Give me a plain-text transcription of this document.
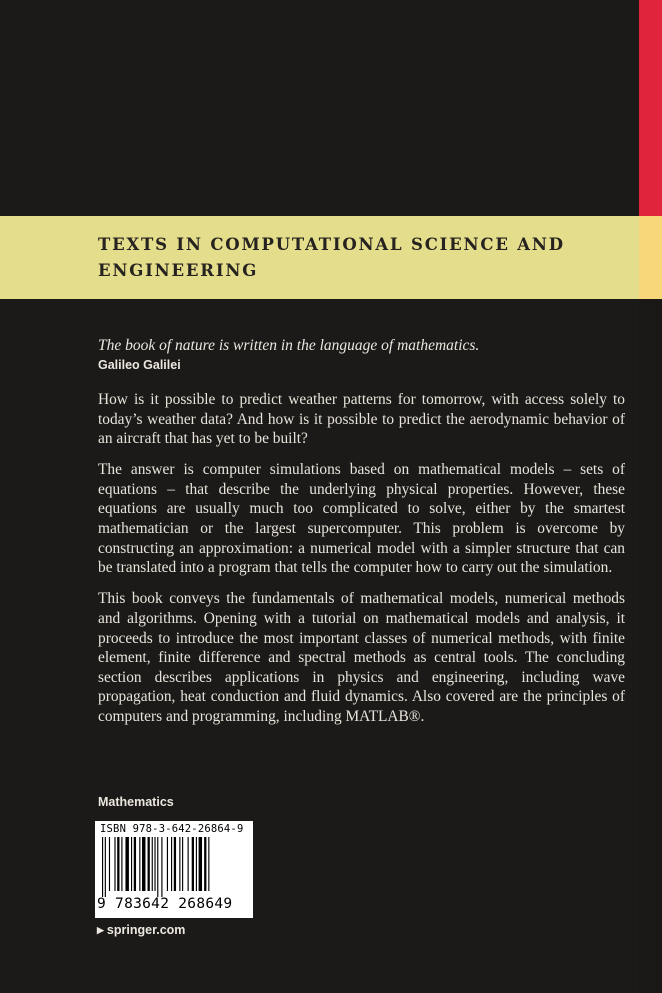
TEXTS IN COMPUTATIONAL SCIENCE AND ENGINEERING
The book of nature is written in the language of mathematics.
Galileo Galilei

How is it possible to predict weather patterns for tomorrow, with access solely to today’s weather data? And how is it possible to predict the aerodynamic behavior of an aircraft that has yet to be built?

The answer is computer simulations based on mathematical models – sets of equations – that describe the underlying physical properties. However, these equations are usually much too complicated to solve, either by the smartest mathematician or the largest supercomputer. This problem is overcome by constructing an approximation: a numerical model with a simpler structure that can be translated into a program that tells the computer how to carry out the simulation.

This book conveys the fundamentals of mathematical models, numerical methods and algorithms. Opening with a tutorial on mathematical models and analysis, it proceeds to introduce the most important classes of numerical methods, with finite element, finite difference and spectral methods as central tools. The concluding section describes applications in physics and engineering, including wave propagation, heat conduction and fluid dynamics. Also covered are the principles of computers and programming, including MATLAB®.

Mathematics
ISBN 978-3-642-26864-9
9 783642 268649
▶ springer.com
